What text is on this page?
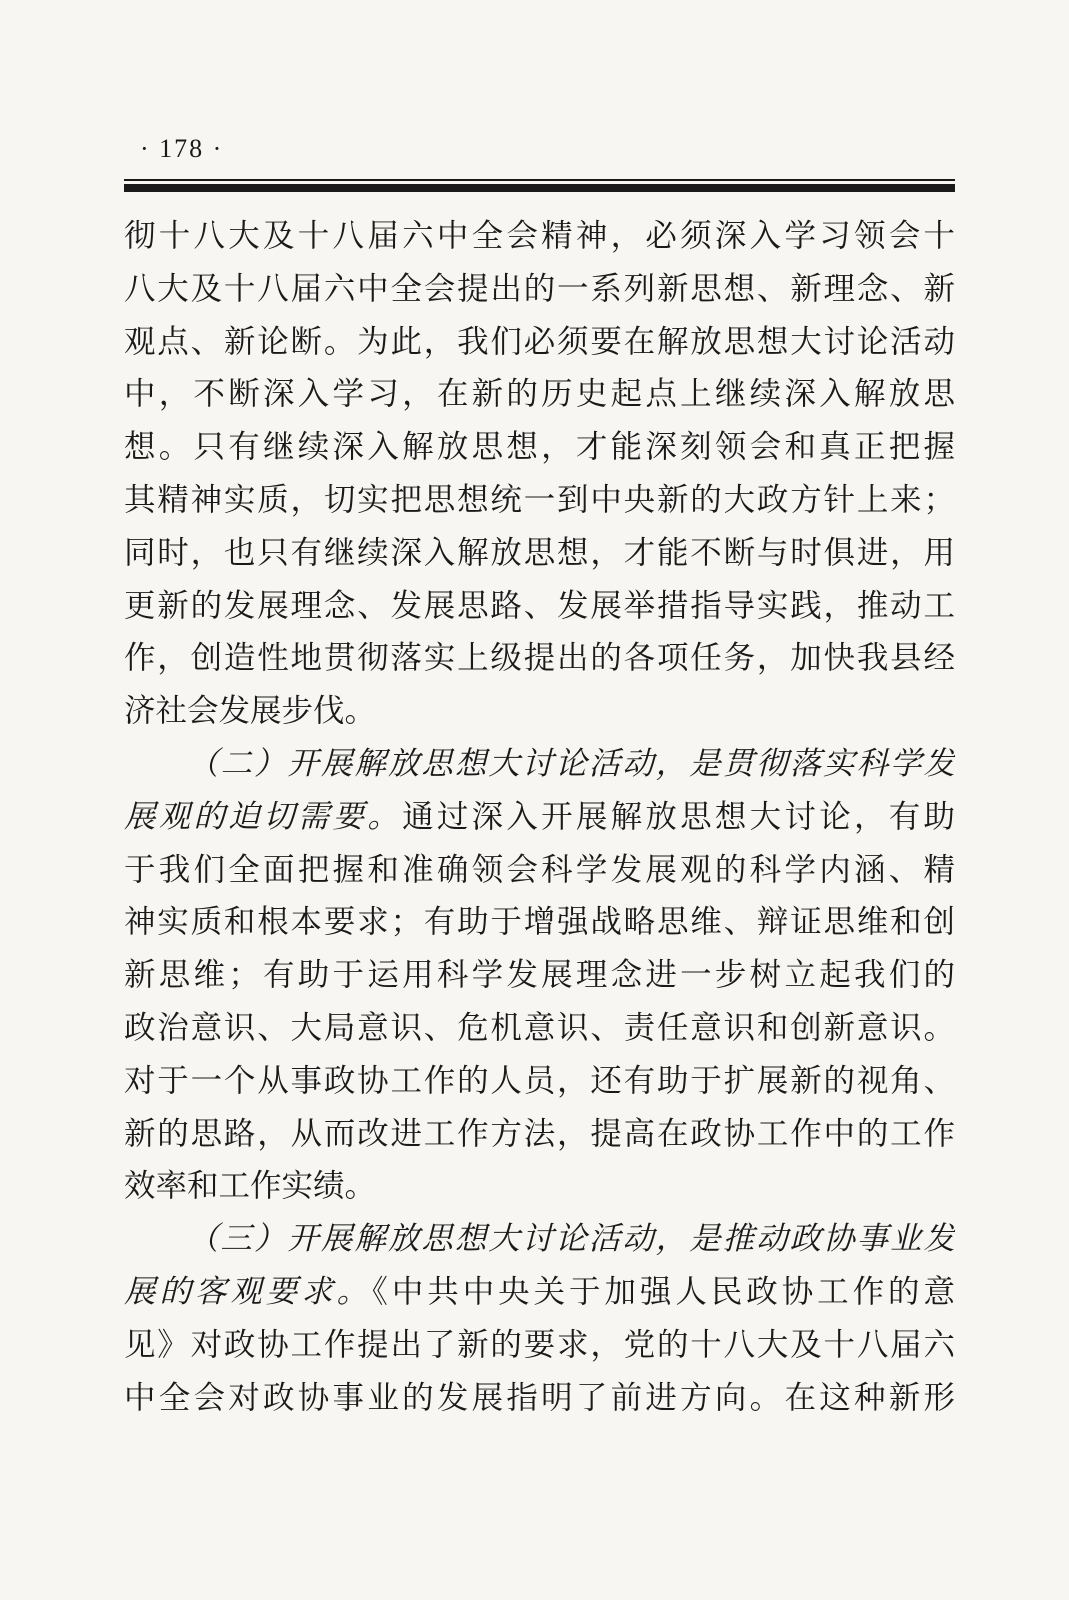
· 178 ·
彻十八大及十八届六中全会精神，必须深入学习领会十
八大及十八届六中全会提出的一系列新思想、新理念、新
观点、新论断。为此，我们必须要在解放思想大讨论活动
中，不断深入学习，在新的历史起点上继续深入解放思
想。只有继续深入解放思想，才能深刻领会和真正把握
其精神实质，切实把思想统一到中央新的大政方针上来；
同时，也只有继续深入解放思想，才能不断与时俱进，用
更新的发展理念、发展思路、发展举措指导实践，推动工
作，创造性地贯彻落实上级提出的各项任务，加快我县经
济社会发展步伐。
（二）开展解放思想大讨论活动，是贯彻落实科学发
展观的迫切需要。通过深入开展解放思想大讨论，有助
于我们全面把握和准确领会科学发展观的科学内涵、精
神实质和根本要求；有助于增强战略思维、辩证思维和创
新思维；有助于运用科学发展理念进一步树立起我们的
政治意识、大局意识、危机意识、责任意识和创新意识。
对于一个从事政协工作的人员，还有助于扩展新的视角、
新的思路，从而改进工作方法，提高在政协工作中的工作
效率和工作实绩。
（三）开展解放思想大讨论活动，是推动政协事业发
展的客观要求。《中共中央关于加强人民政协工作的意
见》对政协工作提出了新的要求，党的十八大及十八届六
中全会对政协事业的发展指明了前进方向。在这种新形
